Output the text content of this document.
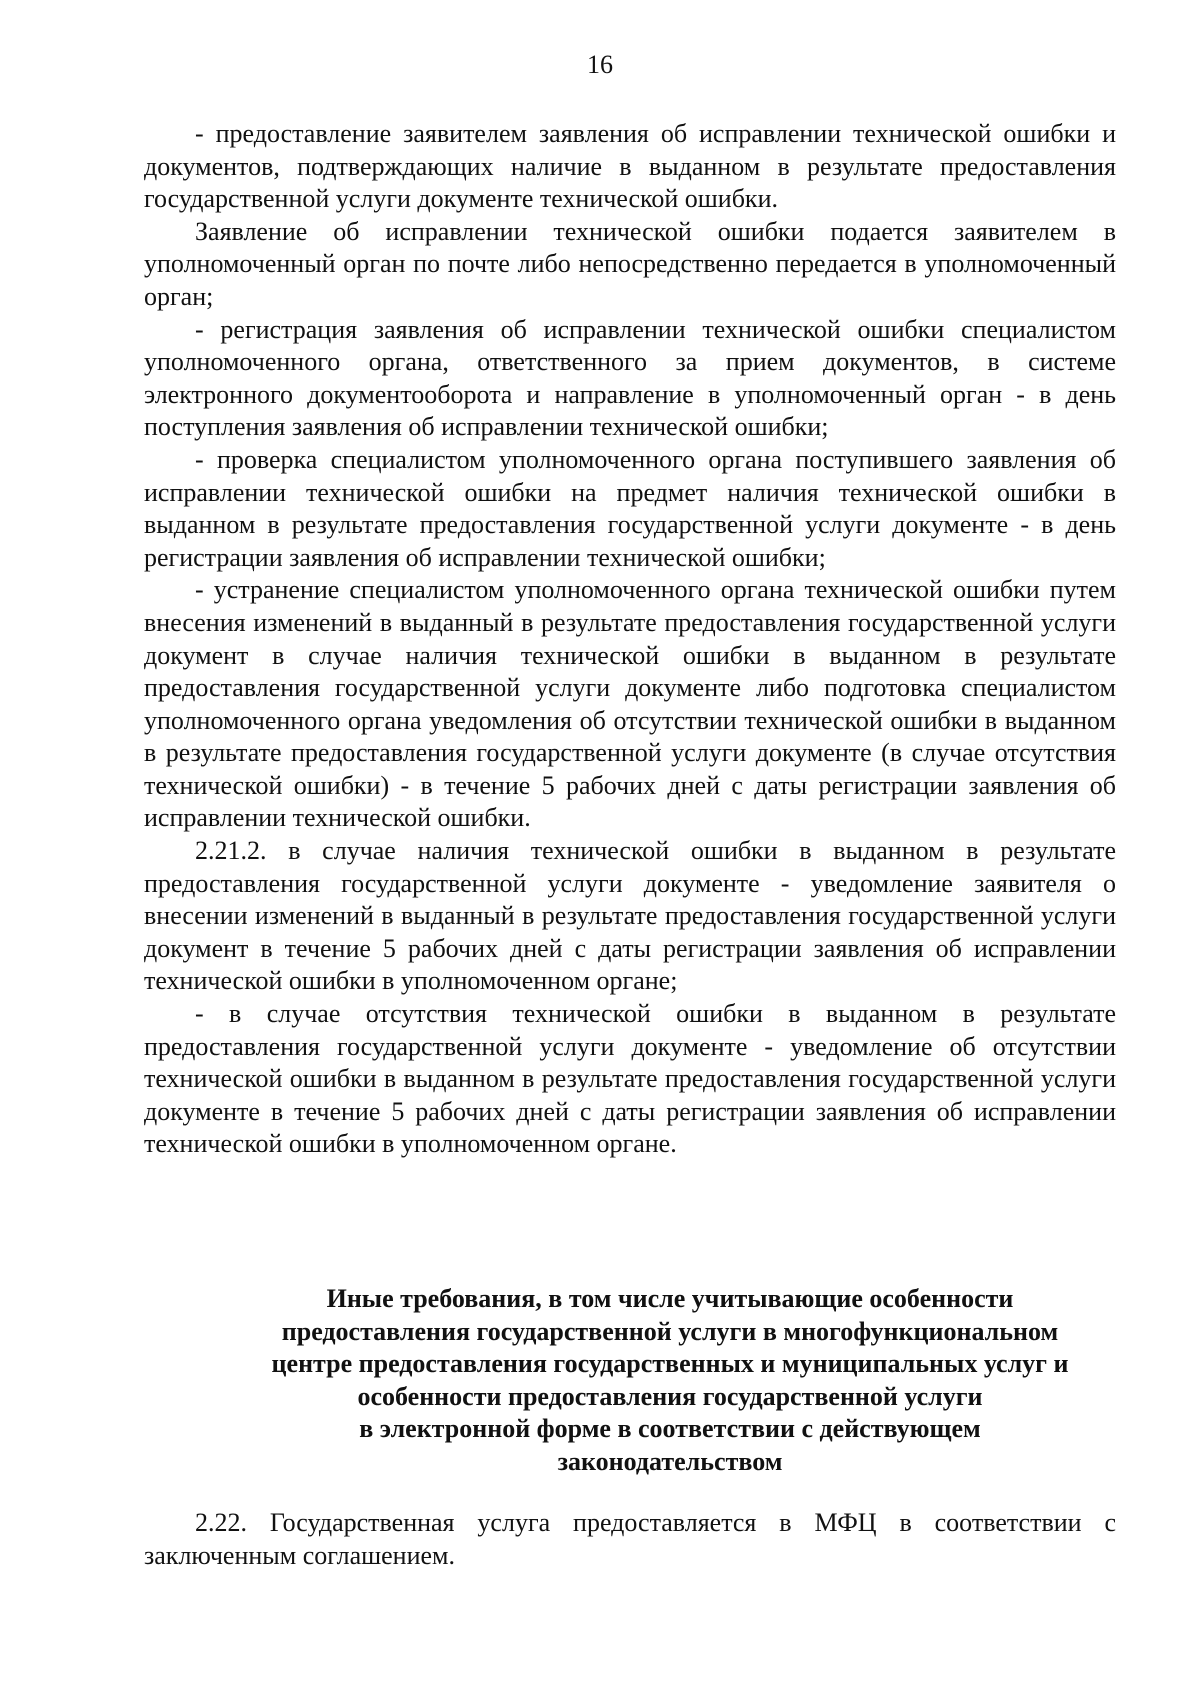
16

- предоставление заявителем заявления об исправлении технической ошибки и документов, подтверждающих наличие в выданном в результате предоставления государственной услуги документе технической ошибки.

Заявление об исправлении технической ошибки подается заявителем в уполномоченный орган по почте либо непосредственно передается в уполномоченный орган;

- регистрация заявления об исправлении технической ошибки специалистом уполномоченного органа, ответственного за прием документов, в системе электронного документооборота и направление в уполномоченный орган - в день поступления заявления об исправлении технической ошибки;

- проверка специалистом уполномоченного органа поступившего заявления об исправлении технической ошибки на предмет наличия технической ошибки в выданном в результате предоставления государственной услуги документе - в день регистрации заявления об исправлении технической ошибки;

- устранение специалистом уполномоченного органа технической ошибки путем внесения изменений в выданный в результате предоставления государственной услуги документ в случае наличия технической ошибки в выданном в результате предоставления государственной услуги документе либо подготовка специалистом уполномоченного органа уведомления об отсутствии технической ошибки в выданном в результате предоставления государственной услуги документе (в случае отсутствия технической ошибки) - в течение 5 рабочих дней с даты регистрации заявления об исправлении технической ошибки.

2.21.2. в случае наличия технической ошибки в выданном в результате предоставления государственной услуги документе - уведомление заявителя о внесении изменений в выданный в результате предоставления государственной услуги документ в течение 5 рабочих дней с даты регистрации заявления об исправлении технической ошибки в уполномоченном органе;

- в случае отсутствия технической ошибки в выданном в результате предоставления государственной услуги документе - уведомление об отсутствии технической ошибки в выданном в результате предоставления государственной услуги документе в течение 5 рабочих дней с даты регистрации заявления об исправлении технической ошибки в уполномоченном органе.

Иные требования, в том числе учитывающие особенности
предоставления государственной услуги в многофункциональном
центре предоставления государственных и муниципальных услуг и
особенности предоставления государственной услуги
в электронной форме в соответствии с действующем
законодательством

2.22. Государственная услуга предоставляется в МФЦ в соответствии с заключенным соглашением.
